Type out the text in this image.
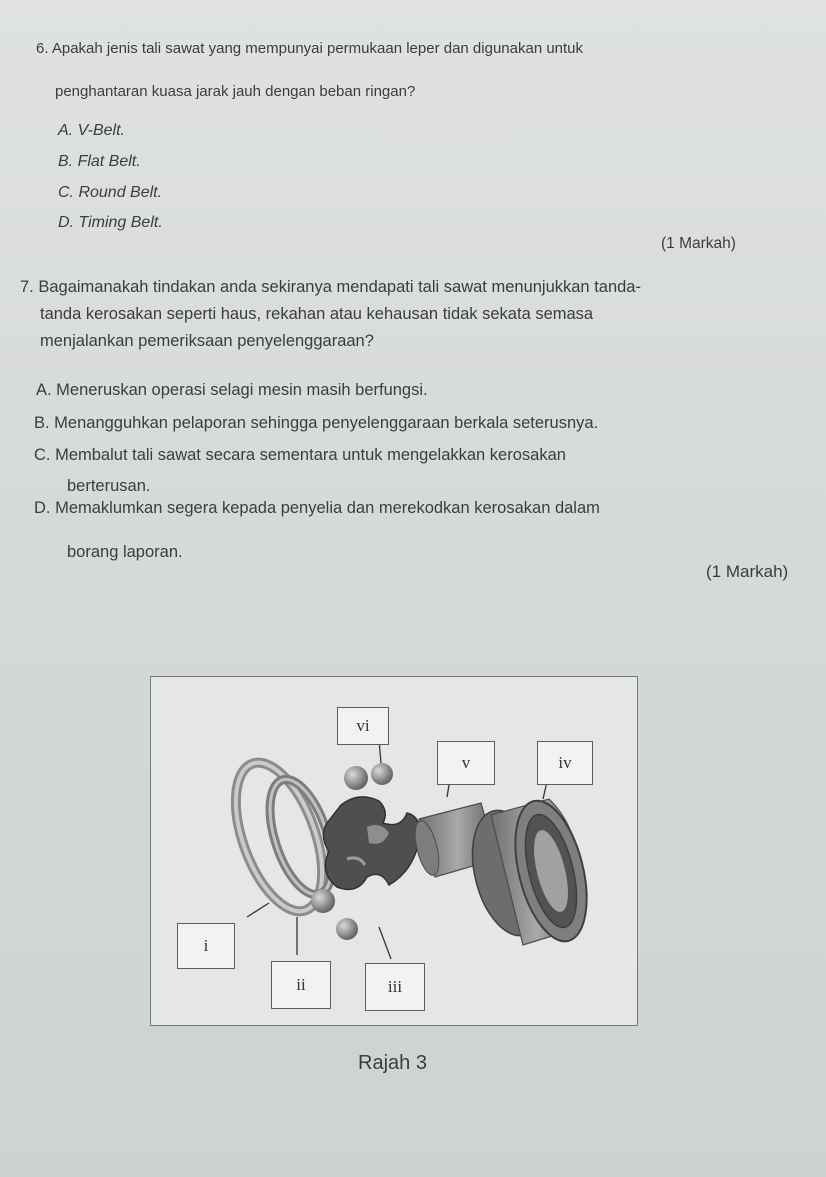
6. Apakah jenis tali sawat yang mempunyai permukaan leper dan digunakan untuk
penghantaran kuasa jarak jauh dengan beban ringan?
A. V-Belt.
B. Flat Belt.
C. Round Belt.
D. Timing Belt.
(1 Markah)
7. Bagaimanakah tindakan anda sekiranya mendapati tali sawat menunjukkan tanda-
tanda kerosakan seperti haus, rekahan atau kehausan tidak sekata semasa
menjalankan pemeriksaan penyelenggaraan?
A. Meneruskan operasi selagi mesin masih berfungsi.
B. Menangguhkan pelaporan sehingga penyelenggaraan berkala seterusnya.
C. Membalut tali sawat secara sementara untuk mengelakkan kerosakan
berterusan.
D. Memaklumkan segera kepada penyelia dan merekodkan kerosakan dalam
borang laporan.
(1 Markah)
vi
v	iv
i
ii	iii
Rajah 3
